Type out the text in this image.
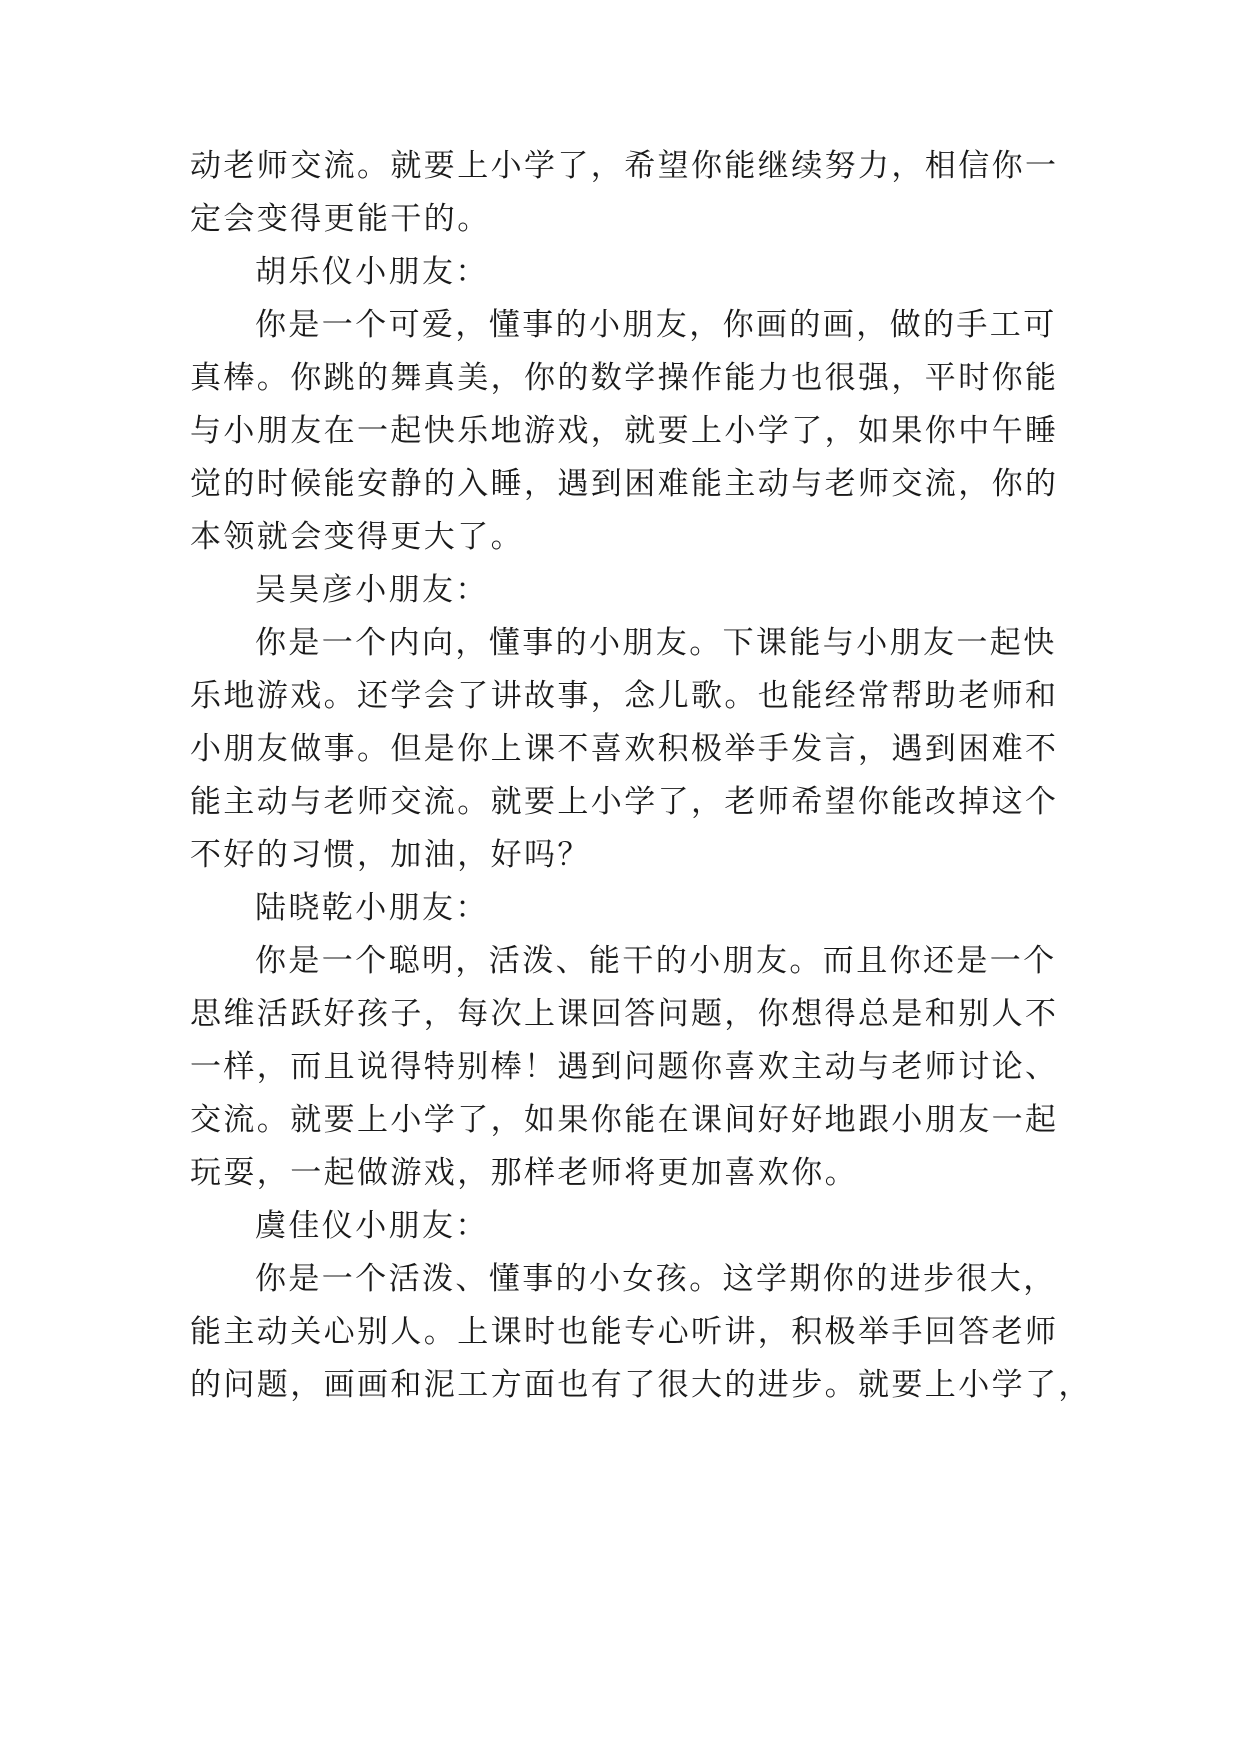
动老师交流。就要上小学了，希望你能继续努力，相信你一
定会变得更能干的。
胡乐仪小朋友：
你是一个可爱，懂事的小朋友，你画的画，做的手工可
真棒。你跳的舞真美，你的数学操作能力也很强，平时你能
与小朋友在一起快乐地游戏，就要上小学了，如果你中午睡
觉的时候能安静的入睡，遇到困难能主动与老师交流，你的
本领就会变得更大了。
吴昊彦小朋友：
你是一个内向，懂事的小朋友。下课能与小朋友一起快
乐地游戏。还学会了讲故事，念儿歌。也能经常帮助老师和
小朋友做事。但是你上课不喜欢积极举手发言，遇到困难不
能主动与老师交流。就要上小学了，老师希望你能改掉这个
不好的习惯，加油，好吗？
陆晓乾小朋友：
你是一个聪明，活泼、能干的小朋友。而且你还是一个
思维活跃好孩子，每次上课回答问题，你想得总是和别人不
一样，而且说得特别棒！遇到问题你喜欢主动与老师讨论、
交流。就要上小学了，如果你能在课间好好地跟小朋友一起
玩耍，一起做游戏，那样老师将更加喜欢你。
虞佳仪小朋友：
你是一个活泼、懂事的小女孩。这学期你的进步很大，
能主动关心别人。上课时也能专心听讲，积极举手回答老师
的问题，画画和泥工方面也有了很大的进步。就要上小学了，
